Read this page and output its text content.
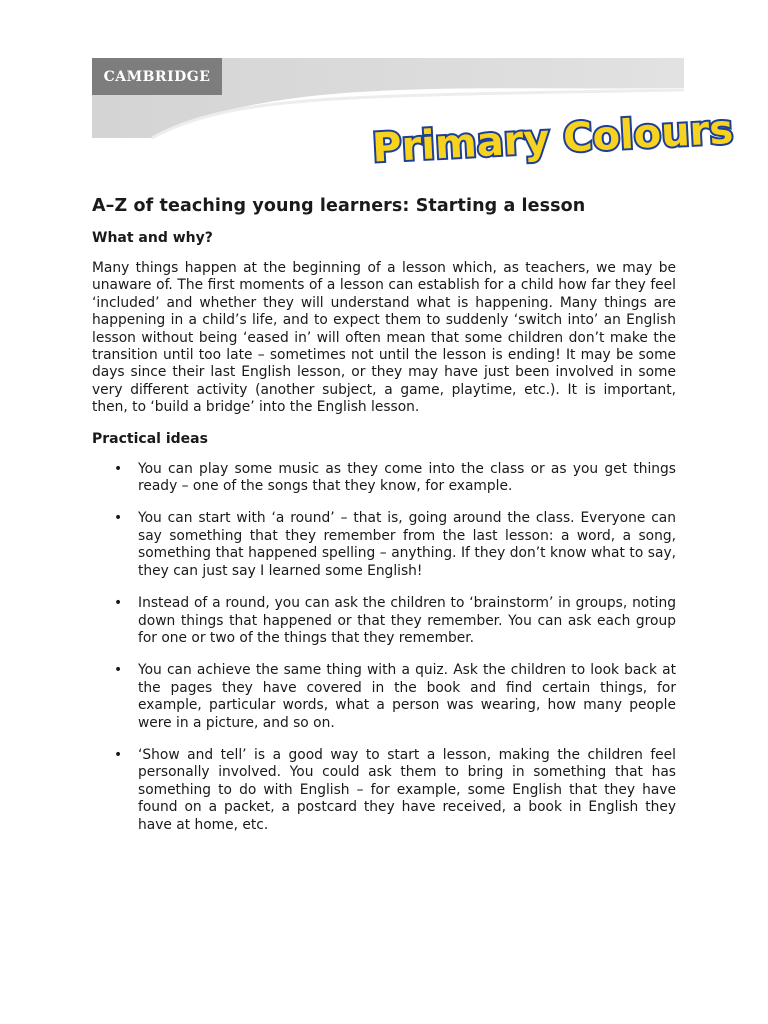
CAMBRIDGE
Primary Colours
A–Z of teaching young learners: Starting a lesson
What and why?

Many things happen at the beginning of a lesson which, as teachers, we may be unaware of. The first moments of a lesson can establish for a child how far they feel ‘included’ and whether they will understand what is happening. Many things are happening in a child’s life, and to expect them to suddenly ‘switch into’ an English lesson without being ‘eased in’ will often mean that some children don’t make the transition until too late – sometimes not until the lesson is ending! It may be some days since their last English lesson, or they may have just been involved in some very different activity (another subject, a game, playtime, etc.). It is important, then, to ‘build a bridge’ into the English lesson.

Practical ideas
• You can play some music as they come into the class or as you get things ready – one of the songs that they know, for example.
• You can start with ‘a round’ – that is, going around the class. Everyone can say something that they remember from the last lesson: a word, a song, something that happened spelling – anything. If they don’t know what to say, they can just say I learned some English!
• Instead of a round, you can ask the children to ‘brainstorm’ in groups, noting down things that happened or that they remember. You can ask each group for one or two of the things that they remember.
• You can achieve the same thing with a quiz. Ask the children to look back at the pages they have covered in the book and find certain things, for example, particular words, what a person was wearing, how many people were in a picture, and so on.
• ‘Show and tell’ is a good way to start a lesson, making the children feel personally involved. You could ask them to bring in something that has something to do with English – for example, some English that they have found on a packet, a postcard they have received, a book in English they have at home, etc.
